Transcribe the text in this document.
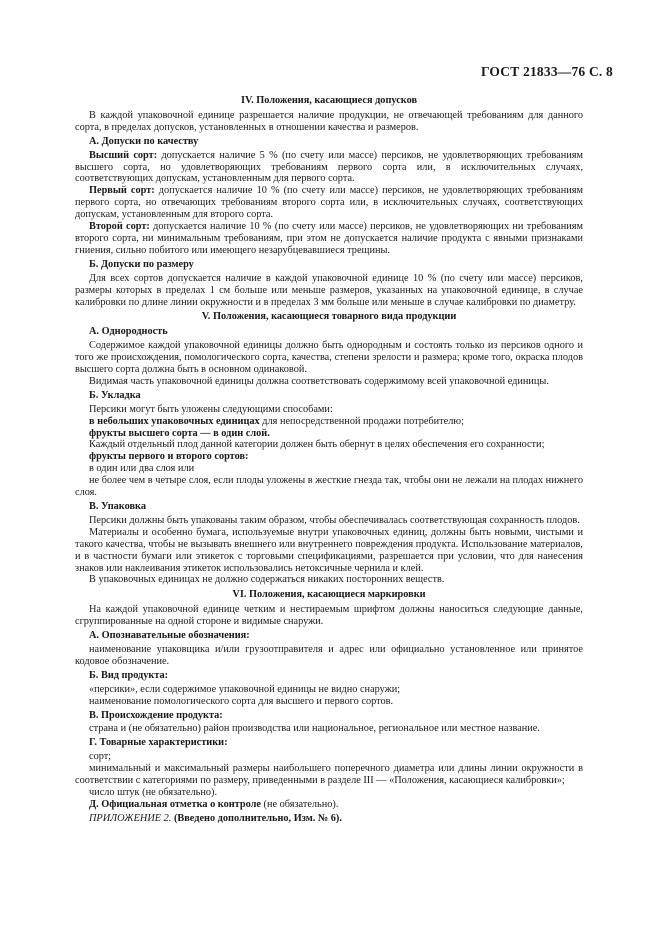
ГОСТ 21833—76 С. 8
IV. Положения, касающиеся допусков

В каждой упаковочной единице разрешается наличие продукции, не отвечающей требованиям для данного сорта, в пределах допусков, установленных в отношении качества и размеров.

А. Допуски по качеству

Высший сорт: допускается наличие 5 % (по счету или массе) персиков, не удовлетворяющих требованиям высшего сорта, но удовлетворяющих требованиям первого сорта или, в исключительных случаях, соответствующих допускам, установленным для первого сорта.

Первый сорт: допускается наличие 10 % (по счету или массе) персиков, не удовлетворяющих требованиям первого сорта, но отвечающих требованиям второго сорта или, в исключительных случаях, соответствующих допускам, установленным для второго сорта.

Второй сорт: допускается наличие 10 % (по счету или массе) персиков, не удовлетворяющих ни требованиям второго сорта, ни минимальным требованиям, при этом не допускается наличие продукта с явными признаками гниения, сильно побитого или имеющего незарубцевавшиеся трещины.

Б. Допуски по размеру

Для всех сортов допускается наличие в каждой упаковочной единице 10 % (по счету или массе) персиков, размеры которых в пределах 1 см больше или меньше размеров, указанных на упаковочной единице, в случае калибровки по длине линии окружности и в пределах 3 мм больше или меньше в случае калибровки по диаметру.

V. Положения, касающиеся товарного вида продукции
А. Однородность

Содержимое каждой упаковочной единицы должно быть однородным и состоять только из персиков одного и того же происхождения, помологического сорта, качества, степени зрелости и размера; кроме того, окраска плодов высшего сорта должна быть в основном одинаковой.

Видимая часть упаковочной единицы должна соответствовать содержимому всей упаковочной единицы.

Б. Укладка

Персики могут быть уложены следующими способами:

в небольших упаковочных единицах для непосредственной продажи потребителю;

фрукты высшего сорта — в один слой.

Каждый отдельный плод данной категории должен быть обернут в целях обеспечения его сохранности;

фрукты первого и второго сортов:

в один или два слоя или

не более чем в четыре слоя, если плоды уложены в жесткие гнезда так, чтобы они не лежали на плодах нижнего слоя.

В. Упаковка

Персики должны быть упакованы таким образом, чтобы обеспечивалась соответствующая сохранность плодов.

Материалы и особенно бумага, используемые внутри упаковочных единиц, должны быть новыми, чистыми и такого качества, чтобы не вызывать внешнего или внутреннего повреждения продукта. Использование материалов, и в частности бумаги или этикеток с торговыми спецификациями, разрешается при условии, что для нанесения знаков или наклеивания этикеток использовались нетоксичные чернила и клей.

В упаковочных единицах не должно содержаться никаких посторонних веществ.

VI. Положения, касающиеся маркировки

На каждой упаковочной единице четким и нестираемым шрифтом должны наноситься следующие данные, сгруппированные на одной стороне и видимые снаружи.

А. Опознавательные обозначения:

наименование упаковщика и/или грузоотправителя и адрес или официально установленное или принятое кодовое обозначение.

Б. Вид продукта:

«персики», если содержимое упаковочной единицы не видно снаружи;

наименование помологического сорта для высшего и первого сортов.

В. Происхождение продукта:

страна и (не обязательно) район производства или национальное, региональное или местное название.

Г. Товарные характеристики:

сорт;

минимальный и максимальный размеры наибольшего поперечного диаметра или длины линии окружности в соответствии с категориями по размеру, приведенными в разделе III — «Положения, касающиеся калибровки»;

число штук (не обязательно).

Д. Официальная отметка о контроле (не обязательно).

ПРИЛОЖЕНИЕ 2. (Введено дополнительно, Изм. № 6).
